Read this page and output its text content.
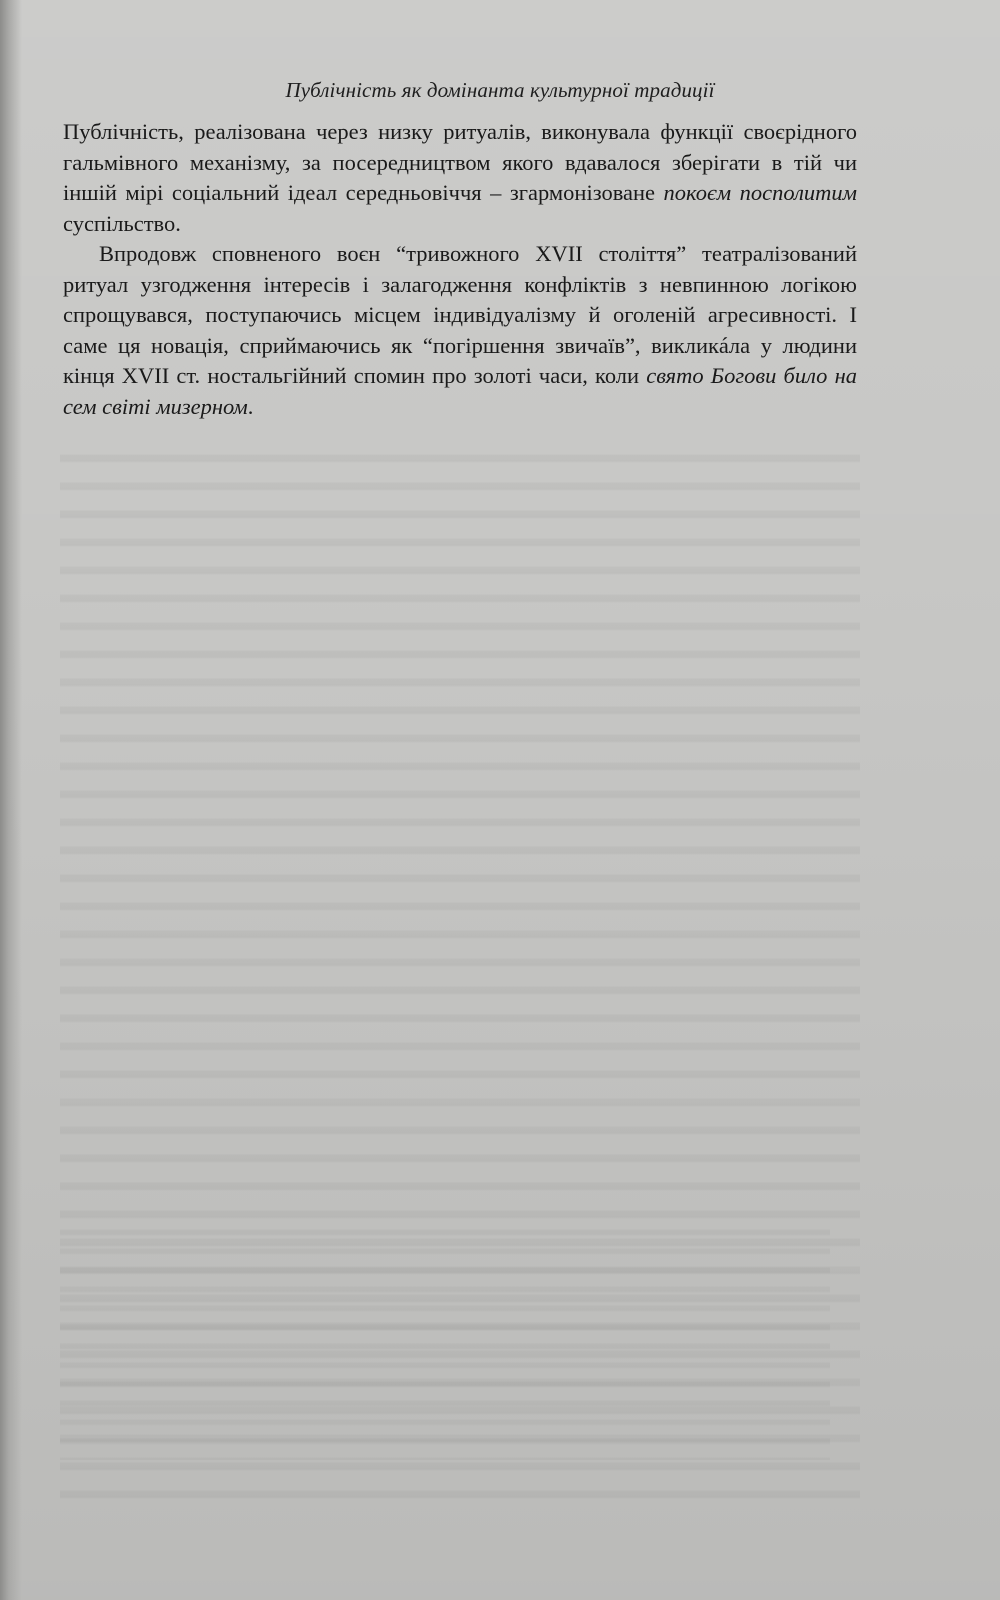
Публічність як домінанта культурної традиції

Публічність, реалізована через низку ритуалів, виконувала функції своєрідного гальмівного механізму, за посередництвом якого вдавалося зберігати в тій чи іншій мірі соціальний ідеал середньовіччя – згармонізоване покоєм посполитим суспільство.

Впродовж сповненого воєн “тривожного XVII століття” театралізований ритуал узгодження інтересів і залагодження конфліктів з невпинною логікою спрощувався, поступаючись місцем індивідуалізму й оголеній агресивності. І саме ця новація, сприймаючись як “погіршення звичаїв”, викликáла у людини кінця XVII ст. ностальгійний спомин про золоті часи, коли свято Богови било на сем світі мизерном.
